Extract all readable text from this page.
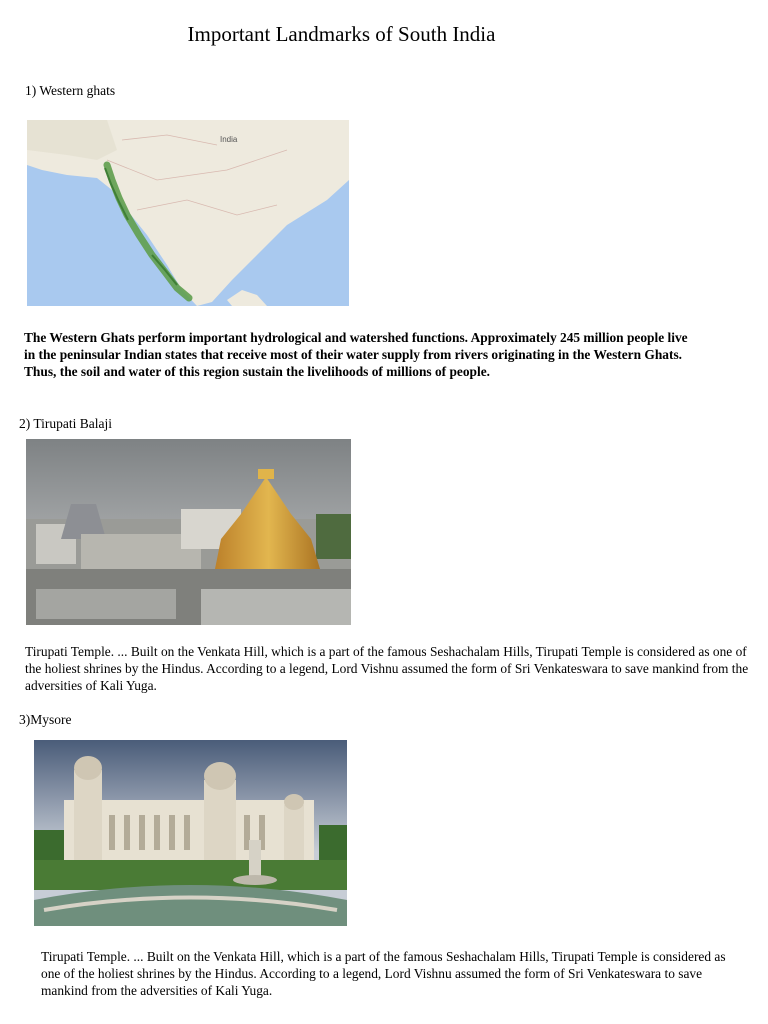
Important Landmarks of South India
1) Western ghats
India
The Western Ghats perform important hydrological and watershed functions. Approximately 245 million people live in the peninsular Indian states that receive most of their water supply from rivers originating in the Western Ghats. Thus, the soil and water of this region sustain the livelihoods of millions of people.
2) Tirupati Balaji
Tirupati Temple. ... Built on the Venkata Hill, which is a part of the famous Seshachalam Hills, Tirupati Temple is considered as one of the holiest shrines by the Hindus. According to a legend, Lord Vishnu assumed the form of Sri Venkateswara to save mankind from the adversities of Kali Yuga.
3)Mysore
Tirupati Temple. ... Built on the Venkata Hill, which is a part of the famous Seshachalam Hills, Tirupati Temple is considered as one of the holiest shrines by the Hindus. According to a legend, Lord Vishnu assumed the form of Sri Venkateswara to save mankind from the adversities of Kali Yuga.
